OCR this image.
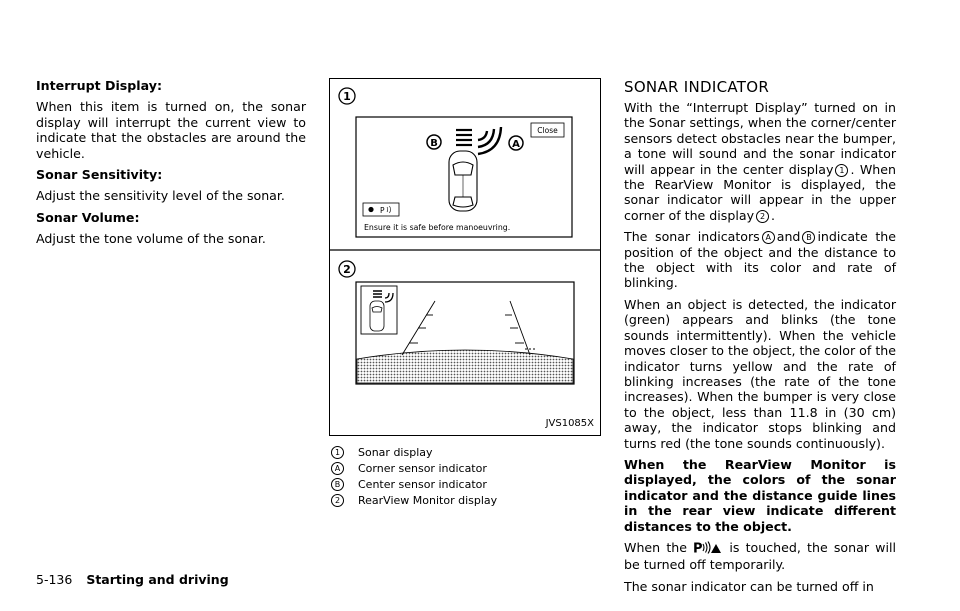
Interrupt Display:

When this item is turned on, the sonar display will interrupt the current view to indicate that the obstacles are around the vehicle.

Sonar Sensitivity:

Adjust the sensitivity level of the sonar.

Sonar Volume:

Adjust the tone volume of the sonar.

1
Close
B	A
P
Ensure it is safe before manoeuvring.
2
JVS1085X
1	Sonar display
A	Corner sensor indicator
B	Center sensor indicator
2	RearView Monitor display
SONAR INDICATOR

With the “Interrupt Display” turned on in the Sonar settings, when the corner/center sensors detect obstacles near the bumper, a tone will sound and the sonar indicator will appear in the center display 1 . When the RearView Monitor is displayed, the sonar indicator will appear in the upper corner of the display 2 .

The sonar indicators A and B indicate the position of the object and the distance to the object with its color and rate of blinking.

When an object is detected, the indicator (green) appears and blinks (the tone sounds intermittently). When the vehicle moves closer to the object, the color of the indicator turns yellow and the rate of blinking increases (the rate of the tone increases). When the bumper is very close to the object, less than 11.8 in (30 cm) away, the indicator stops blinking and turns red (the tone sounds continuously).

When the RearView Monitor is displayed, the colors of the sonar indicator and the distance guide lines in the rear view indicate different distances to the object.

When the P is touched, the sonar will be turned off temporarily.

The sonar indicator can be turned off in

5-136 Starting and driving
